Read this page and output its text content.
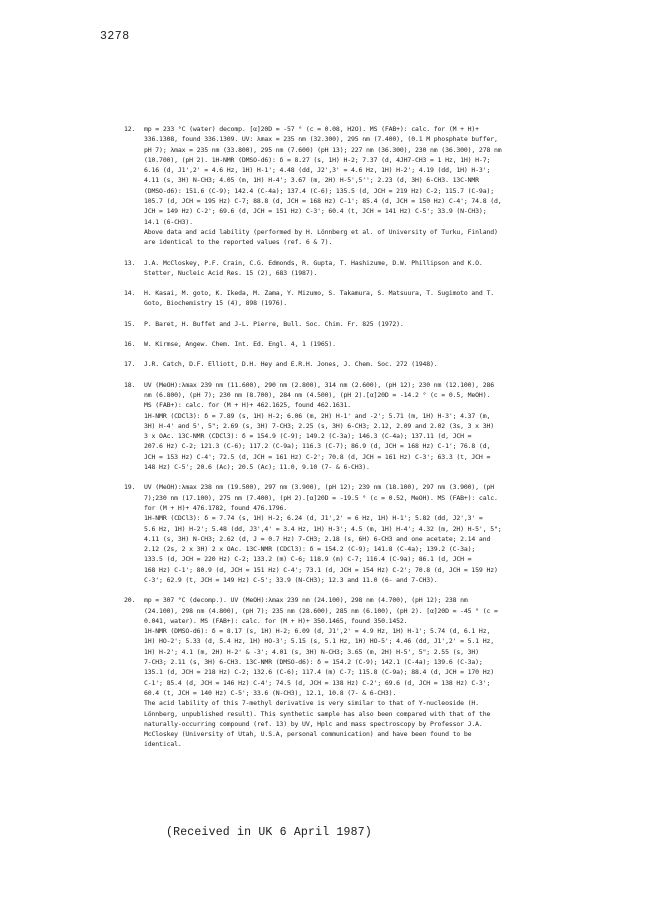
3278
12.	mp = 233 °C (water) decomp. [α]20D = -57 ° (c = 0.08, H2O). MS (FAB+): calc. for (M + H)+
336.1308, found 336.1309. UV: λmax = 235 nm (32.300), 295 nm (7.400), (0.1 M phosphate buffer,
pH 7); λmax = 235 nm (33.800), 295 nm (7.600) (pH 13); 227 nm (36.300), 230 nm (36.300), 278 nm
(10.700), (pH 2). 1H-NMR (DMSO-d6): δ = 8.27 (s, 1H) H-2; 7.37 (d, 4JH7-CH3 = 1 Hz, 1H) H-7;
6.16 (d, J1',2' = 4.6 Hz, 1H) H-1'; 4.48 (dd, J2',3' = 4.6 Hz, 1H) H-2'; 4.19 (dd, 1H) H-3';
4.11 (s, 3H) N-CH3; 4.05 (m, 1H) H-4'; 3.67 (m, 2H) H-5',5''; 2.23 (d, 3H) 6-CH3. 13C-NMR
(DMSO-d6): 151.6 (C-9); 142.4 (C-4a); 137.4 (C-6); 135.5 (d, JCH = 219 Hz) C-2; 115.7 (C-9a);
105.7 (d, JCH = 195 Hz) C-7; 88.8 (d, JCH = 168 Hz) C-1'; 85.4 (d, JCH = 150 Hz) C-4'; 74.8 (d,
JCH = 149 Hz) C-2'; 69.6 (d, JCH = 151 Hz) C-3'; 60.4 (t, JCH = 141 Hz) C-5'; 33.9 (N-CH3);
14.1 (6-CH3).
Above data and acid lability (performed by H. Lönnberg et al. of University of Turku, Finland)
are identical to the reported values (ref. 6 & 7).
13.	J.A. McCloskey, P.F. Crain, C.G. Edmonds, R. Gupta, T. Hashizume, D.W. Phillipson and K.O.
Stetter, Nucleic Acid Res. 15 (2), 683 (1987).
14.	H. Kasai, M. goto, K. Ikeda, M. Zama, Y. Mizumo, S. Takamura, S. Matsuura, T. Sugimoto and T.
Goto, Biochemistry 15 (4), 898 (1976).
15.	P. Baret, H. Buffet and J-L. Pierre, Bull. Soc. Chim. Fr. 825 (1972).
16.	W. Kirmse, Angew. Chem. Int. Ed. Engl. 4, 1 (1965).
17.	J.R. Catch, D.F. Elliott, D.H. Hey and E.R.H. Jones, J. Chem. Soc. 272 (1948).
18.	UV (MeOH):λmax 239 nm (11.600), 290 nm (2.800), 314 nm (2.600), (pH 12); 230 nm (12.100), 286
nm (6.800), (pH 7); 230 nm (8.700), 284 nm (4.500), (pH 2).[α]20D = -14.2 ° (c = 0.5, MeOH).
MS (FAB+): calc. for (M + H)+ 462.1625, found 462.1631.
1H-NMR (CDCl3): δ = 7.89 (s, 1H) H-2; 6.06 (m, 2H) H-1' and -2'; 5.71 (m, 1H) H-3'; 4.37 (m,
3H) H-4' and 5', 5"; 2.69 (s, 3H) 7-CH3; 2.25 (s, 3H) 6-CH3; 2.12, 2.09 and 2.02 (3s, 3 x 3H)
3 x OAc. 13C-NMR (CDCl3): δ = 154.9 (C-9); 149.2 (C-3a); 146.3 (C-4a); 137.11 (d, JCH =
207.6 Hz) C-2; 121.3 (C-6); 117.2 (C-9a); 116.3 (C-7); 86.9 (d, JCH = 168 Hz) C-1'; 76.8 (d,
JCH = 153 Hz) C-4'; 72.5 (d, JCH = 161 Hz) C-2'; 70.8 (d, JCH = 161 Hz) C-3'; 63.3 (t, JCH =
148 Hz) C-5'; 20.6 (Ac); 20.5 (Ac); 11.0, 9.10 (7- & 6-CH3).
19.	UV (MeOH):λmax 238 nm (19.500), 297 nm (3.900), (pH 12); 239 nm (18.100), 297 nm (3.900), (pH
7);230 nm (17.100), 275 nm (7.400), (pH 2).[α]20D = -19.5 ° (c = 0.52, MeOH). MS (FAB+): calc.
for (M + H)+ 476.1782, found 476.1796.
1H-NMR (CDCl3): δ = 7.74 (s, 1H) H-2; 6.24 (d, J1',2' = 6 Hz, 1H) H-1'; 5.82 (dd, J2',3' =
5.6 Hz, 1H) H-2'; 5.48 (dd, J3',4' = 3.4 Hz, 1H) H-3'; 4.5 (m, 1H) H-4'; 4.32 (m, 2H) H-5', 5";
4.11 (s, 3H) N-CH3; 2.62 (d, J = 0.7 Hz) 7-CH3; 2.18 (s, 6H) 6-CH3 and one acetate; 2.14 and
2.12 (2s, 2 x 3H) 2 x OAc. 13C-NMR (CDCl3): δ = 154.2 (C-9); 141.8 (C-4a); 139.2 (C-3a);
133.5 (d, JCH = 220 Hz) C-2; 133.2 (m) C-6; 118.9 (m) C-7; 116.4 (C-9a); 86.1 (d, JCH =
168 Hz) C-1'; 80.9 (d, JCH = 151 Hz) C-4'; 73.1 (d, JCH = 154 Hz) C-2'; 70.8 (d, JCH = 159 Hz)
C-3'; 62.9 (t, JCH = 149 Hz) C-5'; 33.9 (N-CH3); 12.3 and 11.0 (6- and 7-CH3).
20.	mp = 307 °C (decomp.). UV (MeOH):λmax 239 nm (24.100), 298 nm (4.700), (pH 12); 238 nm
(24.100), 298 nm (4.800), (pH 7); 235 nm (28.600), 285 nm (6.100), (pH 2). [α]20D = -45 ° (c =
0.041, water). MS (FAB+): calc. for (M + H)+ 350.1465, found 350.1452.
1H-NMR (DMSO-d6): δ = 8.17 (s, 1H) H-2; 6.09 (d, J1',2' = 4.9 Hz, 1H) H-1'; 5.74 (d, 6.1 Hz,
1H) HO-2'; 5.33 (d, 5.4 Hz, 1H) HO-3'; 5.15 (s, 5.1 Hz, 1H) HO-5'; 4.46 (dd, J1',2' = 5.1 Hz,
1H) H-2'; 4.1 (m, 2H) H-2' & -3'; 4.01 (s, 3H) N-CH3; 3.65 (m, 2H) H-5', 5"; 2.55 (s, 3H)
7-CH3; 2.11 (s, 3H) 6-CH3. 13C-NMR (DMSO-d6): δ = 154.2 (C-9); 142.1 (C-4a); 139.6 (C-3a);
135.1 (d, JCH = 218 Hz) C-2; 132.6 (C-6); 117.4 (m) C-7; 115.8 (C-9a); 88.4 (d, JCH = 170 Hz)
C-1'; 85.4 (d, JCH = 146 Hz) C-4'; 74.5 (d, JCH = 138 Hz) C-2'; 69.6 (d, JCH = 138 Hz) C-3';
60.4 (t, JCH = 140 Hz) C-5'; 33.6 (N-CH3), 12.1, 10.8 (7- & 6-CH3).
The acid lability of this 7-methyl derivative is very similar to that of Y-nucleoside (H.
Lönnberg, unpublished result). This synthetic sample has also been compared with that of the
naturally-occurring compound (ref. 13) by UV, Hplc and mass spectroscopy by Professor J.A.
McCloskey (University of Utah, U.S.A, personal communication) and have been found to be
identical.
(Received in UK 6 April 1987)
